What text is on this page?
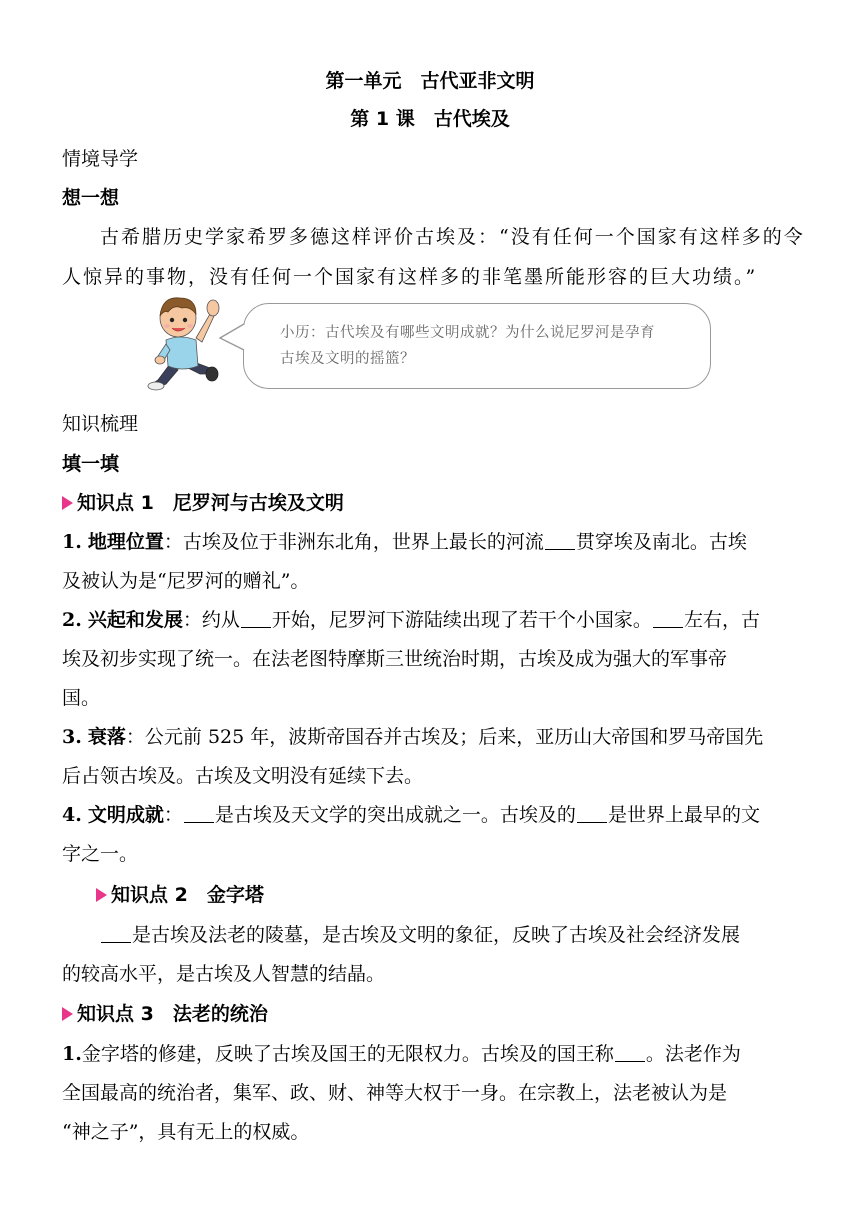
第一单元　古代亚非文明
第 1 课　古代埃及
情境导学
想一想
古希腊历史学家希罗多德这样评价古埃及：“没有任何一个国家有这样多的令
人惊异的事物，没有任何一个国家有这样多的非笔墨所能形容的巨大功绩。”
小历：古代埃及有哪些文明成就？为什么说尼罗河是孕育
古埃及文明的摇篮？
知识梳理
填一填
知识点 1　尼罗河与古埃及文明
1. 地理位置：古埃及位于非洲东北角，世界上最长的河流 贯穿埃及南北。古埃
及被认为是“尼罗河的赠礼”。
2. 兴起和发展：约从 开始，尼罗河下游陆续出现了若干个小国家。 左右，古
埃及初步实现了统一。在法老图特摩斯三世统治时期，古埃及成为强大的军事帝
国。
3. 衰落：公元前 525 年，波斯帝国吞并古埃及；后来，亚历山大帝国和罗马帝国先
后占领古埃及。古埃及文明没有延续下去。
4. 文明成就： 是古埃及天文学的突出成就之一。古埃及的 是世界上最早的文
字之一。
知识点 2　金字塔
是古埃及法老的陵墓，是古埃及文明的象征，反映了古埃及社会经济发展
的较高水平，是古埃及人智慧的结晶。
知识点 3　法老的统治
1.金字塔的修建，反映了古埃及国王的无限权力。古埃及的国王称 。法老作为
全国最高的统治者，集军、政、财、神等大权于一身。在宗教上，法老被认为是
“神之子”，具有无上的权威。
